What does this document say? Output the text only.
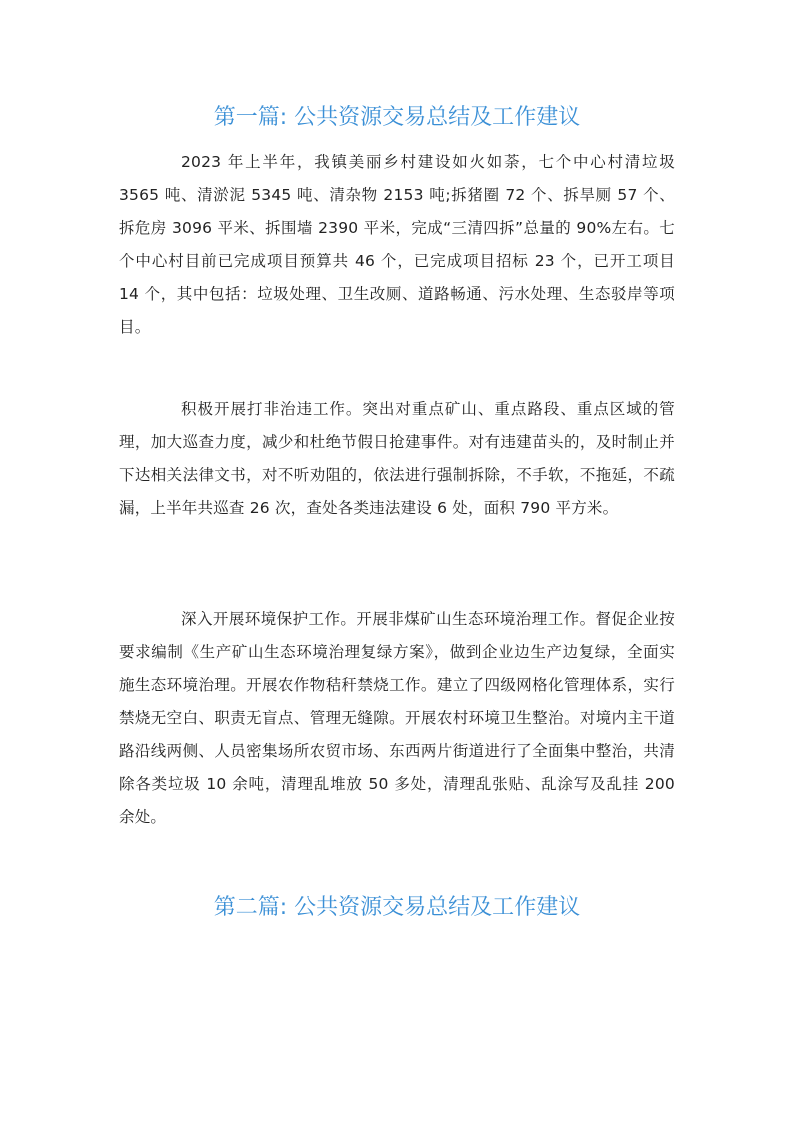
第一篇: 公共资源交易总结及工作建议

2023 年上半年，我镇美丽乡村建设如火如荼，七个中心村清垃圾 3565 吨、清淤泥 5345 吨、清杂物 2153 吨;拆猪圈 72 个、拆旱厕 57 个、拆危房 3096 平米、拆围墙 2390 平米，完成“三清四拆”总量的 90%左右。七个中心村目前已完成项目预算共 46 个，已完成项目招标 23 个，已开工项目 14 个，其中包括：垃圾处理、卫生改厕、道路畅通、污水处理、生态驳岸等项目。

积极开展打非治违工作。突出对重点矿山、重点路段、重点区域的管理，加大巡查力度，减少和杜绝节假日抢建事件。对有违建苗头的，及时制止并下达相关法律文书，对不听劝阻的，依法进行强制拆除，不手软，不拖延，不疏漏，上半年共巡查 26 次，查处各类违法建设 6 处，面积 790 平方米。

深入开展环境保护工作。开展非煤矿山生态环境治理工作。督促企业按要求编制《生产矿山生态环境治理复绿方案》，做到企业边生产边复绿，全面实施生态环境治理。开展农作物秸秆禁烧工作。建立了四级网格化管理体系，实行禁烧无空白、职责无盲点、管理无缝隙。开展农村环境卫生整治。对境内主干道路沿线两侧、人员密集场所农贸市场、东西两片街道进行了全面集中整治，共清除各类垃圾 10 余吨，清理乱堆放 50 多处，清理乱张贴、乱涂写及乱挂 200 余处。

第二篇: 公共资源交易总结及工作建议
